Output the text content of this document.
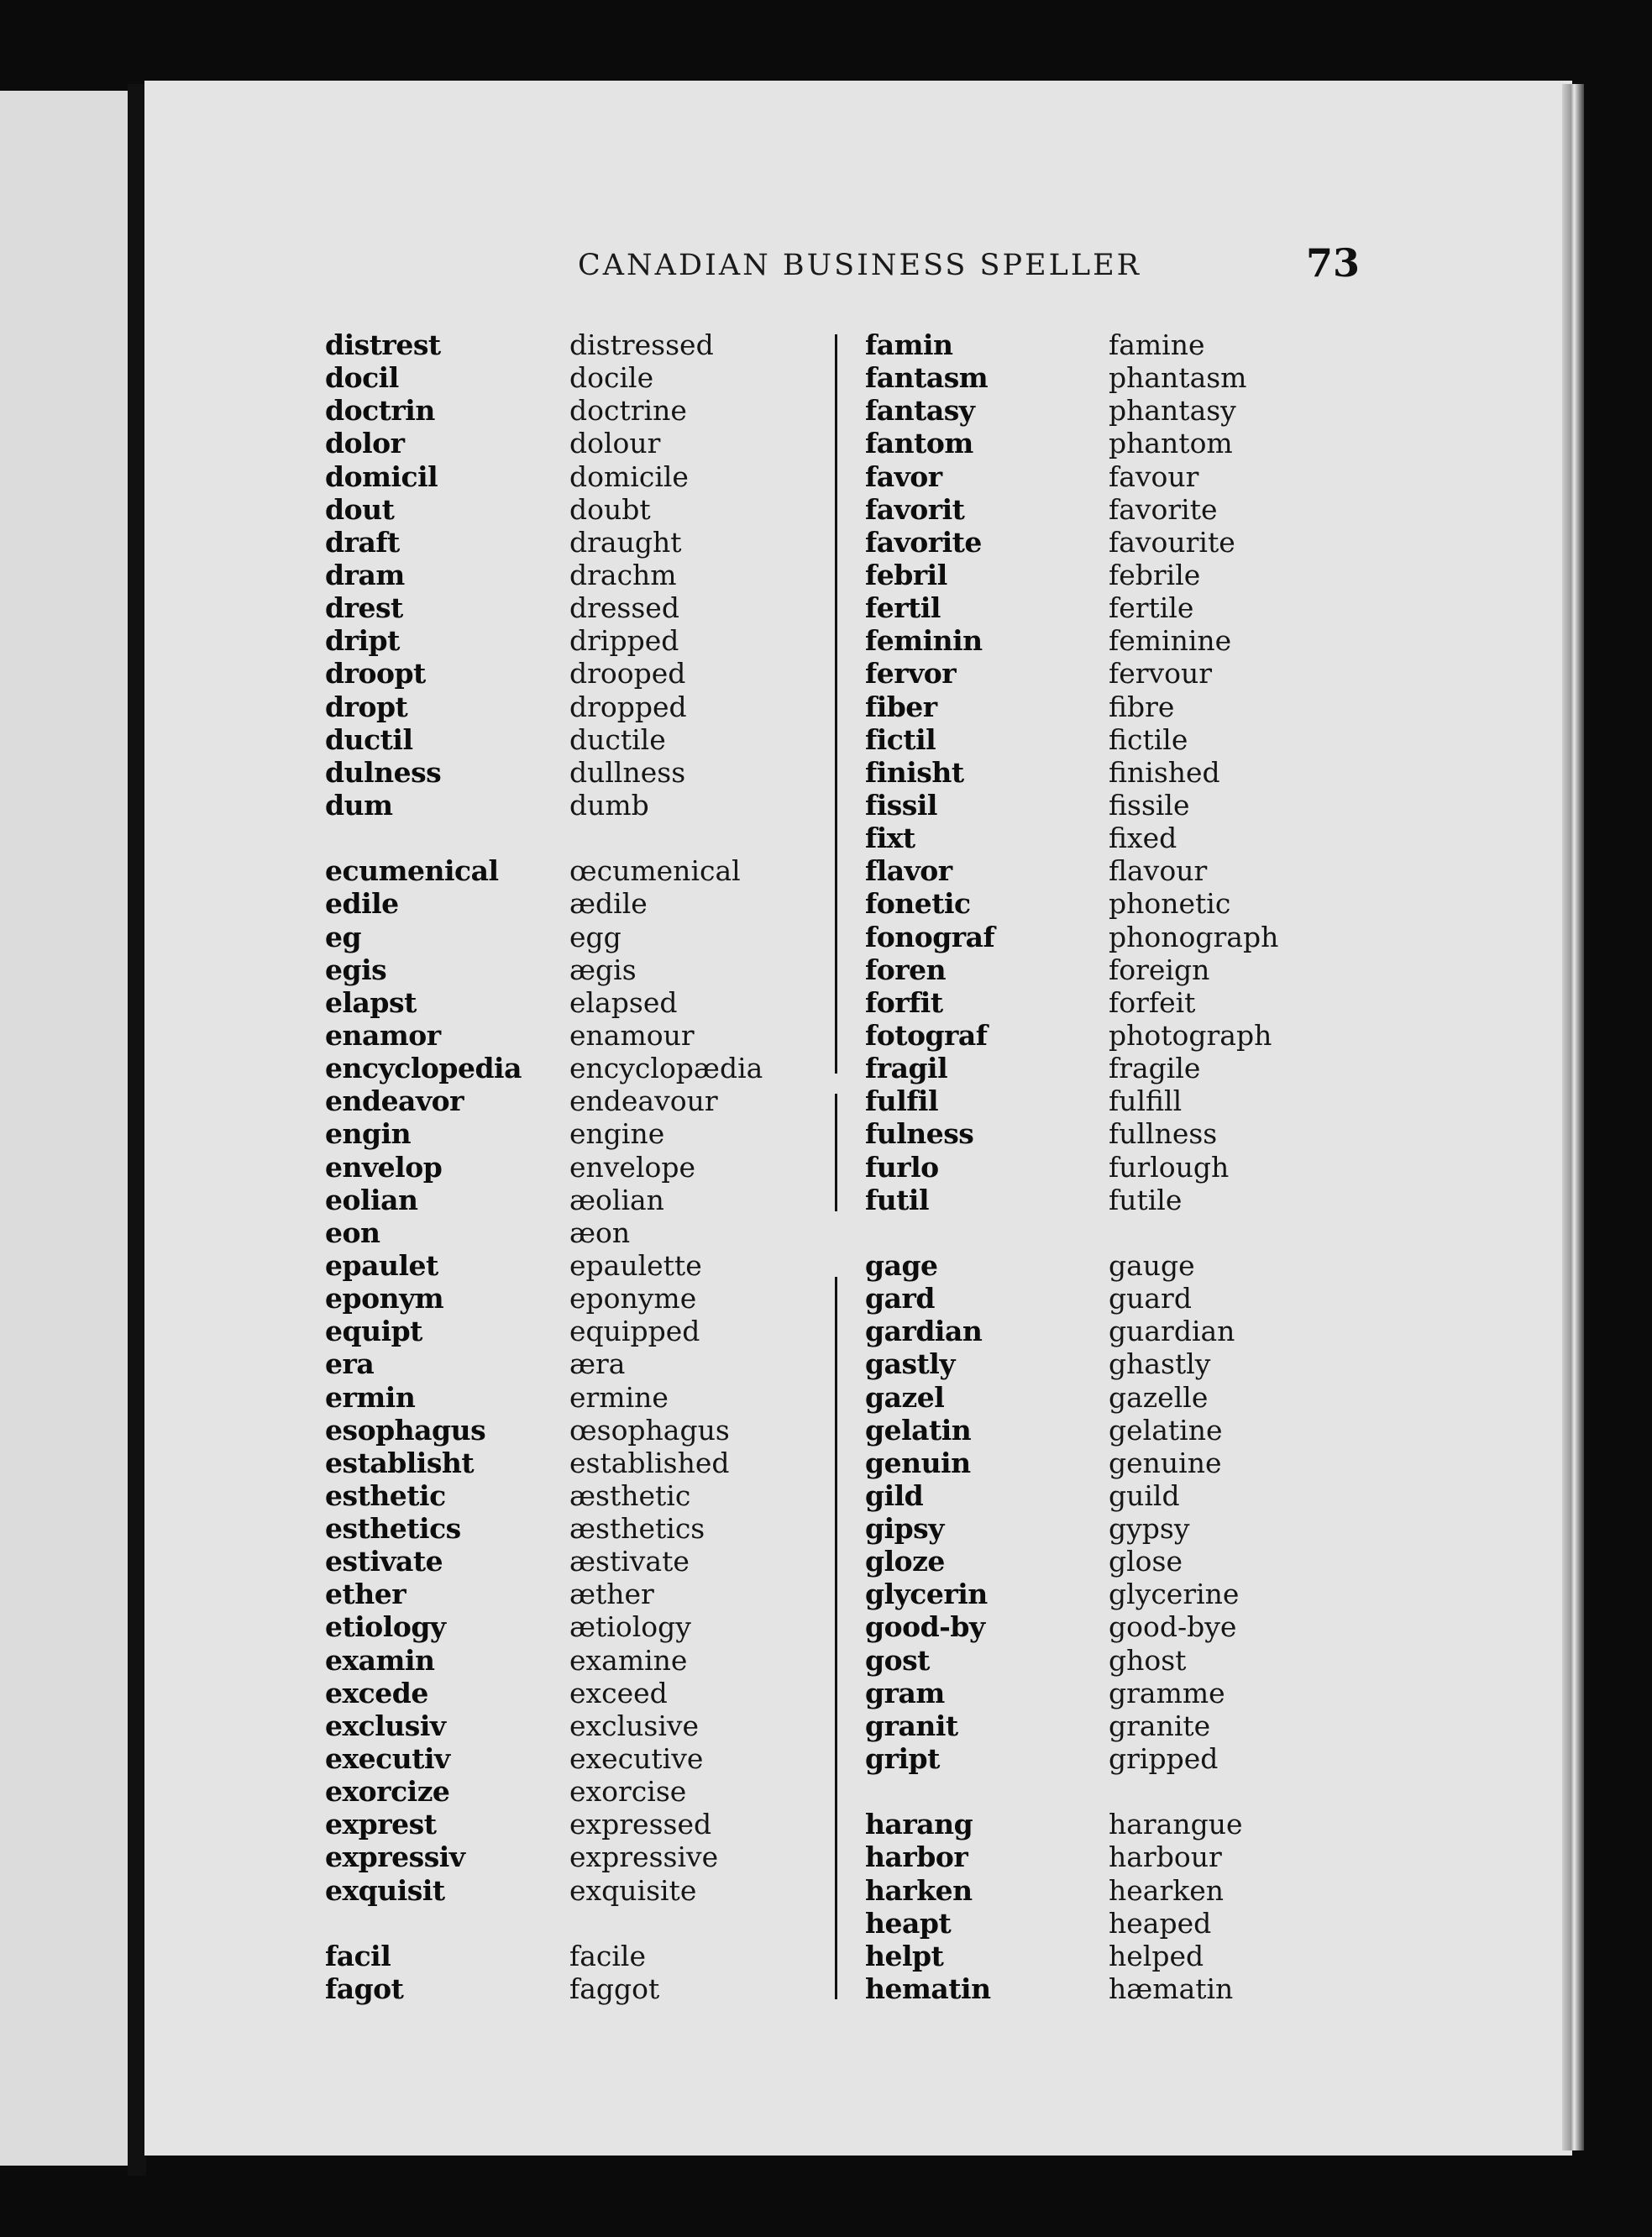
CANADIAN BUSINESS SPELLER	73
distrest
docil
doctrin
dolor
domicil
dout
draft
dram
drest
dript
droopt
dropt
ductil
dulness
dum
ecumenical
edile
eg
egis
elapst
enamor
encyclopedia
endeavor
engin
envelop
eolian
eon
epaulet
eponym
equipt
era
ermin
esophagus
establisht
esthetic
esthetics
estivate
ether
etiology
examin
excede
exclusiv
executiv
exorcize
exprest
expressiv
exquisit
facil
fagot
distressed
docile
doctrine
dolour
domicile
doubt
draught
drachm
dressed
dripped
drooped
dropped
ductile
dullness
dumb
œcumenical
ædile
egg
ægis
elapsed
enamour
encyclopædia
endeavour
engine
envelope
æolian
æon
epaulette
eponyme
equipped
æra
ermine
œsophagus
established
æsthetic
æsthetics
æstivate
æther
ætiology
examine
exceed
exclusive
executive
exorcise
expressed
expressive
exquisite
facile
faggot
famin
fantasm
fantasy
fantom
favor
favorit
favorite
febril
fertil
feminin
fervor
fiber
fictil
finisht
fissil
fixt
flavor
fonetic
fonograf
foren
forfit
fotograf
fragil
fulfil
fulness
furlo
futil
gage
gard
gardian
gastly
gazel
gelatin
genuin
gild
gipsy
gloze
glycerin
good-by
gost
gram
granit
gript
harang
harbor
harken
heapt
helpt
hematin
famine
phantasm
phantasy
phantom
favour
favorite
favourite
febrile
fertile
feminine
fervour
fibre
fictile
finished
fissile
fixed
flavour
phonetic
phonograph
foreign
forfeit
photograph
fragile
fulfill
fullness
furlough
futile
gauge
guard
guardian
ghastly
gazelle
gelatine
genuine
guild
gypsy
glose
glycerine
good-bye
ghost
gramme
granite
gripped
harangue
harbour
hearken
heaped
helped
hæmatin
